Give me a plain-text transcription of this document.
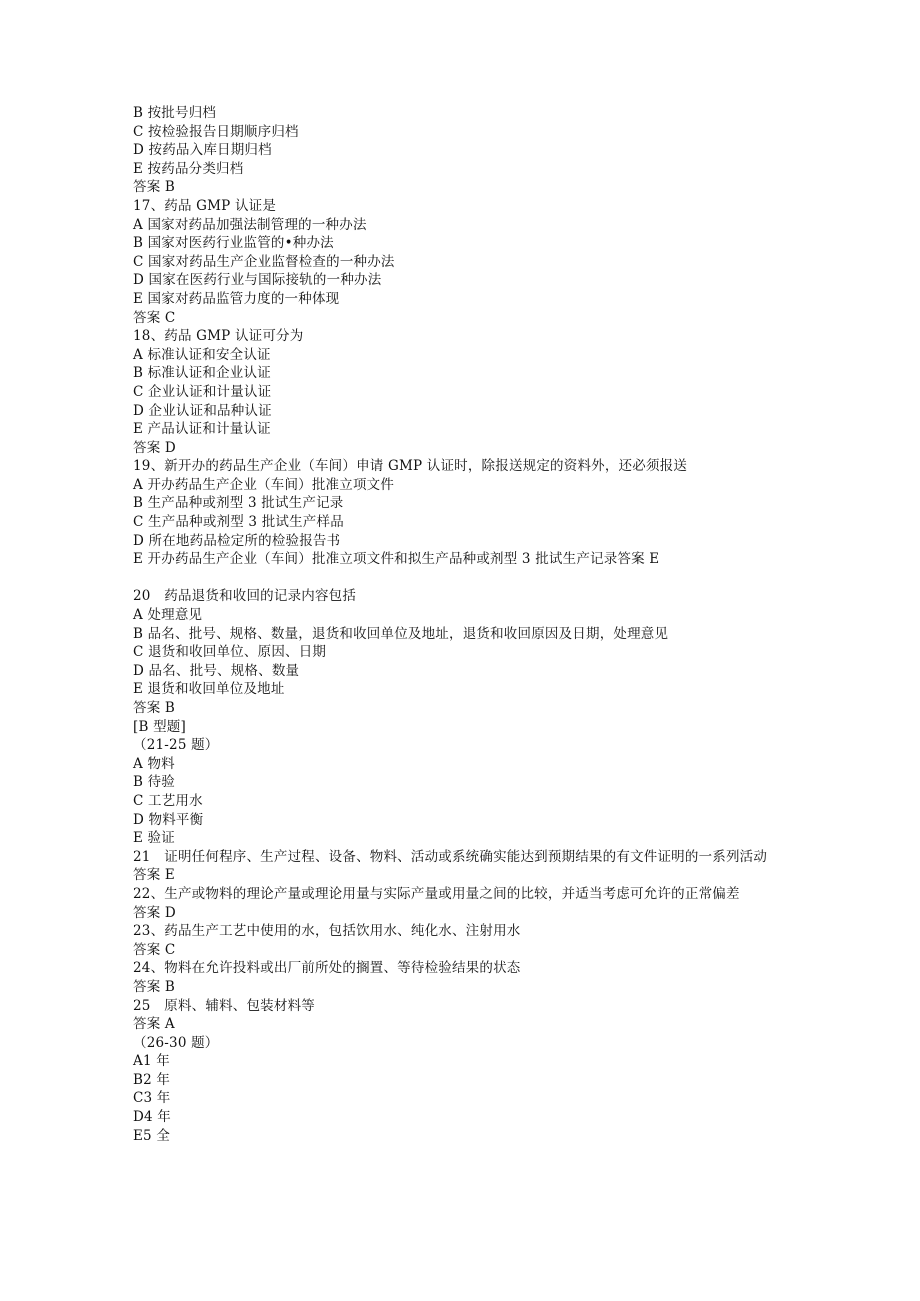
B 按批号归档
C 按检验报告日期顺序归档
D 按药品入库日期归档
E 按药品分类归档
答案 B
17、药品 GMP 认证是
A 国家对药品加强法制管理的一种办法
B 国家对医药行业监管的•种办法
C 国家对药品生产企业监督检查的一种办法
D 国家在医药行业与国际接轨的一种办法
E 国家对药品监管力度的一种体现
答案 C
18、药品 GMP 认证可分为
A 标准认证和安全认证
B 标准认证和企业认证
C 企业认证和计量认证
D 企业认证和品种认证
E 产品认证和计量认证
答案 D
19、新开办的药品生产企业（车间）申请 GMP 认证时，除报送规定的资料外，还必须报送
A 开办药品生产企业（车间）批准立项文件
B 生产品种或剂型 3 批试生产记录
C 生产品种或剂型 3 批试生产样品
D 所在地药品检定所的检验报告书
E 开办药品生产企业（车间）批准立项文件和拟生产品种或剂型 3 批试生产记录答案 E
20　药品退货和收回的记录内容包括
A 处理意见
B 品名、批号、规格、数量，退货和收回单位及地址，退货和收回原因及日期，处理意见
C 退货和收回单位、原因、日期
D 品名、批号、规格、数量
E 退货和收回单位及地址
答案 B
[B 型题]
（21-25 题）
A 物料
B 待验
C 工艺用水
D 物料平衡
E 验证
21　证明任何程序、生产过程、设备、物料、活动或系统确实能达到预期结果的有文件证明的一系列活动
答案 E
22、生产或物料的理论产量或理论用量与实际产量或用量之间的比较，并适当考虑可允许的正常偏差
答案 D
23、药品生产工艺中使用的水，包括饮用水、纯化水、注射用水
答案 C
24、物料在允许投料或出厂前所处的搁置、等待检验结果的状态
答案 B
25　原料、辅料、包装材料等
答案 A
（26-30 题）
A1 年
B2 年
C3 年
D4 年
E5 全
